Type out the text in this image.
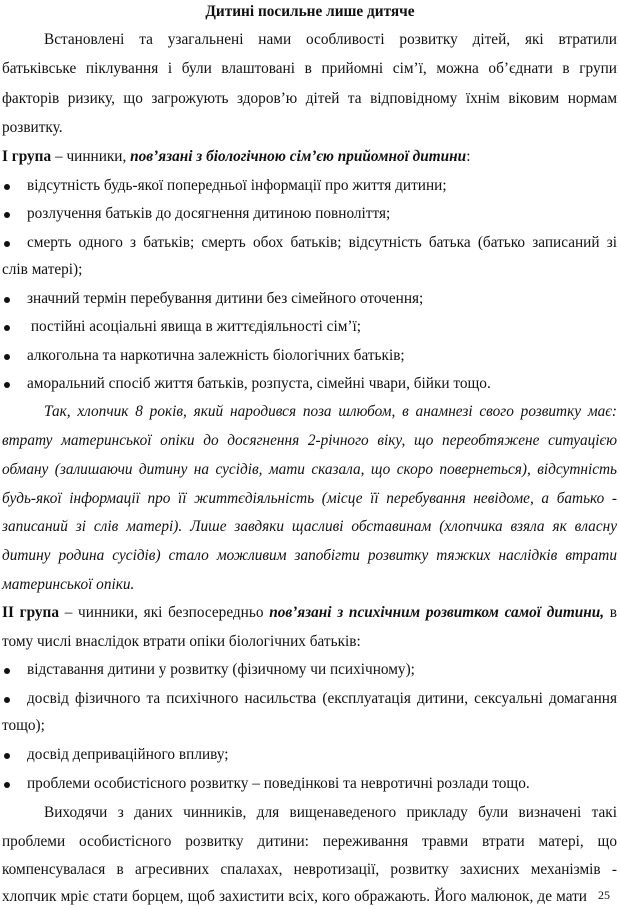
Дитині посильне лише дитяче
Встановлені та узагальнені нами особливості розвитку дітей, які втратили
батьківське піклування і були влаштовані в прийомні сім’ї, можна об’єднати в групи
факторів ризику, що загрожують здоров’ю дітей та відповідному їхнім віковим нормам
розвитку.
І група – чинники, пов’язані з біологічною сім’єю прийомної дитини:
відсутність будь-якої попередньої інформації про життя дитини;
розлучення батьків до досягнення дитиною повноліття;
смерть одного з батьків; смерть обох батьків; відсутність батька (батько записаний зі
слів матері);
значний термін перебування дитини без сімейного оточення;
постійні асоціальні явища в життєдіяльності сім’ї;
алкогольна та наркотична залежність біологічних батьків;
аморальний спосіб життя батьків, розпуста, сімейні чвари, бійки тощо.
Так, хлопчик 8 років, який народився поза шлюбом, в анамнезі свого розвитку має:
втрату материнської опіки до досягнення 2-річного віку, що переобтяжене ситуацією
обману (залишаючи дитину на сусідів, мати сказала, що скоро повернеться), відсутність
будь-якої інформації про її життєдіяльність (місце її перебування невідоме, а батько -
записаний зі слів матері). Лише завдяки щасливі обставинам (хлопчика взяла як власну
дитину родина сусідів) стало можливим запобігти розвитку тяжких наслідків втрати
материнської опіки.
ІІ група – чинники, які безпосередньо пов’язані з психічним розвитком самої дитини, в
тому числі внаслідок втрати опіки біологічних батьків:
відставання дитини у розвитку (фізичному чи психічному);
досвід фізичного та психічного насильства (експлуатація дитини, сексуальні домагання
тощо);
досвід деприваційного впливу;
проблеми особистісного розвитку – поведінкові та невротичні розлади тощо.
Виходячи з даних чинників, для вищенаведеного прикладу були визначені такі
проблеми особистісного розвитку дитини: переживання травми втрати матері, що
компенсувалася в агресивних спалахах, невротизації, розвитку захисних механізмів -
хлопчик мріє стати борцем, щоб захистити всіх, кого ображають. Його малюнок, де мати 25
